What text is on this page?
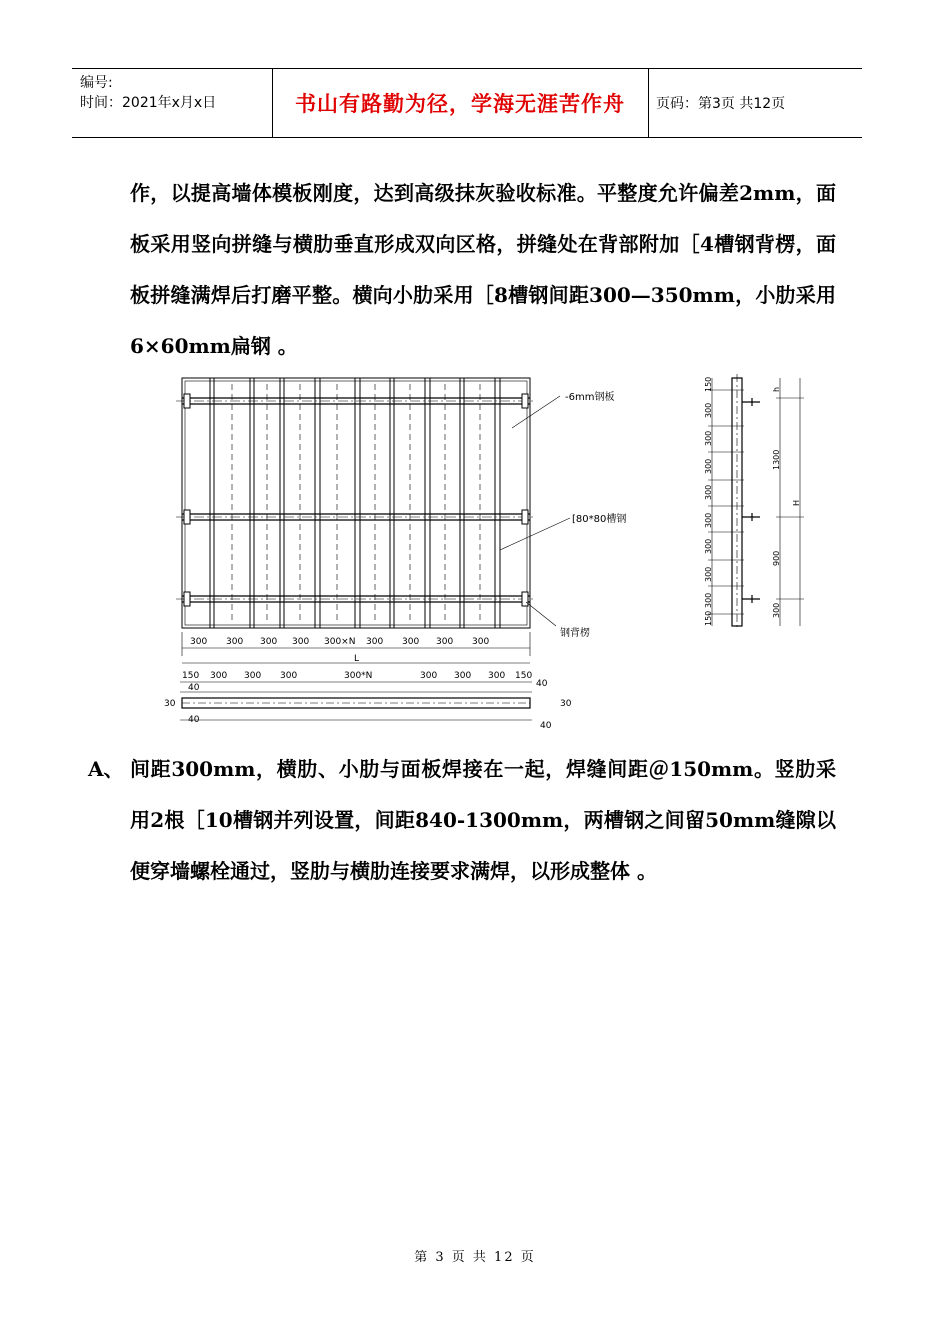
编号:
时间：2021年x月x日	书山有路勤为径，学海无涯苦作舟	页码：第3页 共12页
作，以提高墙体模板刚度，达到高级抹灰验收标准。平整度允许偏差2mm，面板采用竖向拼缝与横肋垂直形成双向区格，拼缝处在背部附加［4槽钢背楞，面板拼缝满焊后打磨平整。横向小肋采用［8槽钢间距300—350mm，小肋采用6×60mm扁钢 。
-6mm钢板
[80*80槽钢
钢背楞
L
300 300 300 300 300×N 300 300 300 300
150 300 300 300	300*N	300 300 300 150
40	40
30	30
40
40
150
300
300
300
300
300
300
300
300
150
h
1300
H
900
300
A、 间距300mm，横肋、小肋与面板焊接在一起，焊缝间距＠150mm。竖肋采用2根［10槽钢并列设置，间距840-1300mm，两槽钢之间留50mm缝隙以便穿墙螺栓通过，竖肋与横肋连接要求满焊，以形成整体 。
第 3 页 共 12 页
